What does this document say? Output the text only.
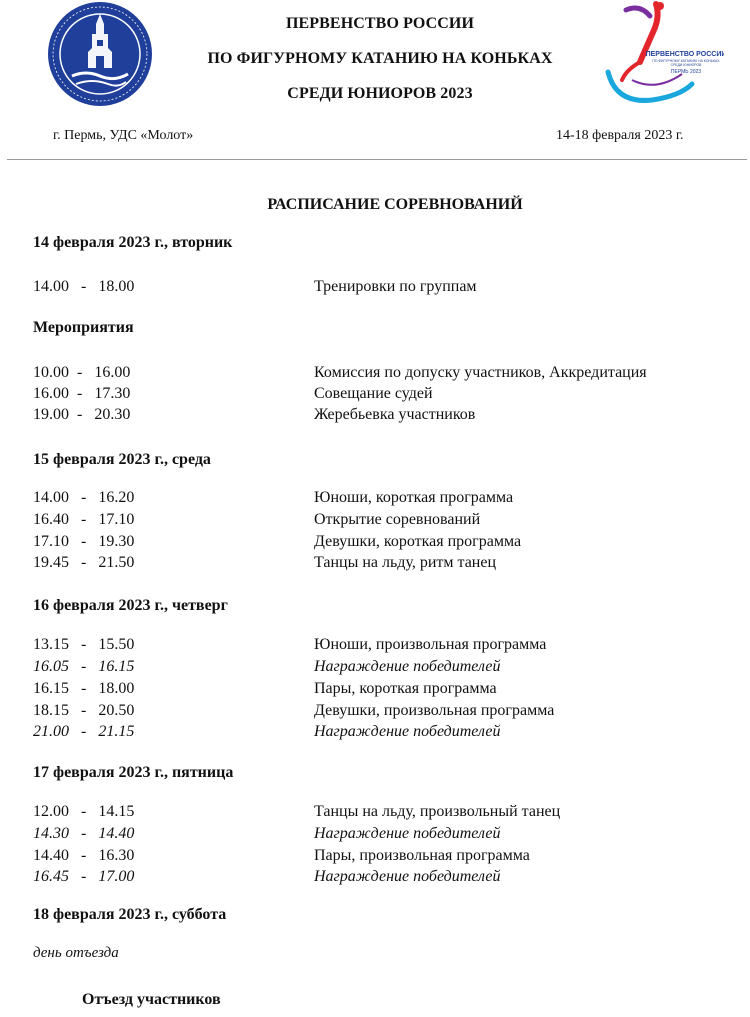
ПЕРВЕНСТВО РОССИИ
ПО ФИГУРНОМУ КАТАНИЮ НА КОНЬКАХ
СРЕДИ ЮНИОРОВ
ПЕРМЬ 2023
ПЕРВЕНСТВО РОССИИ
ПО ФИГУРНОМУ КАТАНИЮ НА КОНЬКАХ
СРЕДИ ЮНИОРОВ 2023
г. Пермь, УДС «Молот»	14-18 февраля 2023 г.
РАСПИСАНИЕ СОРЕВНОВАНИЙ
14 февраля 2023 г., вторник
14.00   -   18.00	Тренировки по группам
Мероприятия
10.00  -   16.00	Комиссия по допуску участников, Аккредитация
16.00  -   17.30	Совещание судей
19.00  -   20.30	Жеребьевка участников
15 февраля 2023 г., среда
14.00   -   16.20	Юноши, короткая программа
16.40   -   17.10	Открытие соревнований
17.10   -   19.30	Девушки, короткая программа
19.45   -   21.50	Танцы на льду, ритм танец
16 февраля 2023 г., четверг
13.15   -   15.50	Юноши, произвольная программа
16.05   -   16.15	Награждение победителей
16.15   -   18.00	Пары, короткая программа
18.15   -   20.50	Девушки, произвольная программа
21.00   -   21.15	Награждение победителей
17 февраля 2023 г., пятница
12.00   -   14.15	Танцы на льду, произвольный танец
14.30   -   14.40	Награждение победителей
14.40   -   16.30	Пары, произвольная программа
16.45   -   17.00	Награждение победителей
18 февраля 2023 г., суббота
день отъезда
Отъезд участников
